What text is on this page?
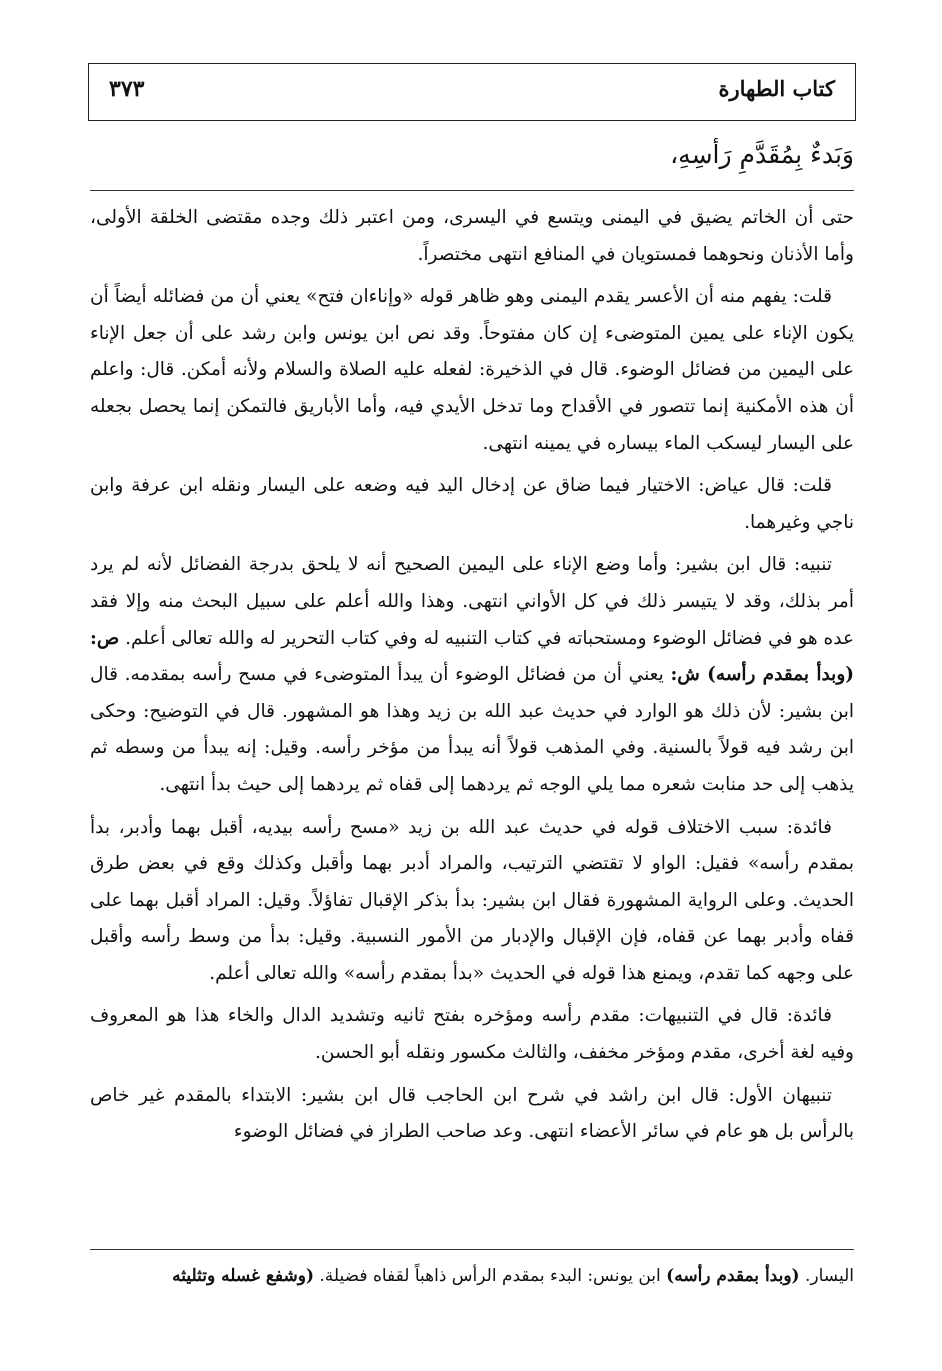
كتاب الطهارة
٣٧٣
وَبَدءٌ بِمُقَدَّمِ رَأسِهِ،

حتى أن الخاتم يضيق في اليمنى ويتسع في اليسرى، ومن اعتبر ذلك وجده مقتضى الخلقة الأولى، وأما الأذنان ونحوهما فمستويان في المنافع انتهى مختصراً.

قلت: يفهم منه أن الأعسر يقدم اليمنى وهو ظاهر قوله «وإناءان فتح» يعني أن من فضائله أيضاً أن يكون الإناء على يمين المتوضىء إن كان مفتوحاً. وقد نص ابن يونس وابن رشد على أن جعل الإناء على اليمين من فضائل الوضوء. قال في الذخيرة: لفعله عليه الصلاة والسلام ولأنه أمكن. قال: واعلم أن هذه الأمكنية إنما تتصور في الأقداح وما تدخل الأيدي فيه، وأما الأباريق فالتمكن إنما يحصل بجعله على اليسار ليسكب الماء بيساره في يمينه انتهى.

قلت: قال عياض: الاختيار فيما ضاق عن إدخال اليد فيه وضعه على اليسار ونقله ابن عرفة وابن ناجي وغيرهما.

تنبيه: قال ابن بشير: وأما وضع الإناء على اليمين الصحيح أنه لا يلحق بدرجة الفضائل لأنه لم يرد أمر بذلك، وقد لا يتيسر ذلك في كل الأواني انتهى. وهذا والله أعلم على سبيل البحث منه وإلا فقد عده هو في فضائل الوضوء ومستحباته في كتاب التنبيه له وفي كتاب التحرير له والله تعالى أعلم. ص: (وبدأ بمقدم رأسه) ش: يعني أن من فضائل الوضوء أن يبدأ المتوضىء في مسح رأسه بمقدمه. قال ابن بشير: لأن ذلك هو الوارد في حديث عبد الله بن زيد وهذا هو المشهور. قال في التوضيح: وحكى ابن رشد فيه قولاً بالسنية. وفي المذهب قولاً أنه يبدأ من مؤخر رأسه. وقيل: إنه يبدأ من وسطه ثم يذهب إلى حد منابت شعره مما يلي الوجه ثم يردهما إلى قفاه ثم يردهما إلى حيث بدأ انتهى.

فائدة: سبب الاختلاف قوله في حديث عبد الله بن زيد «مسح رأسه بيديه، أقبل بهما وأدبر، بدأ بمقدم رأسه» فقيل: الواو لا تقتضي الترتيب، والمراد أدبر بهما وأقبل وكذلك وقع في بعض طرق الحديث. وعلى الرواية المشهورة فقال ابن بشير: بدأ بذكر الإقبال تفاؤلاً. وقيل: المراد أقبل بهما على قفاه وأدبر بهما عن قفاه، فإن الإقبال والإدبار من الأمور النسبية. وقيل: بدأ من وسط رأسه وأقبل على وجهه كما تقدم، ويمنع هذا قوله في الحديث «بدأ بمقدم رأسه» والله تعالى أعلم.

فائدة: قال في التنبيهات: مقدم رأسه ومؤخره بفتح ثانيه وتشديد الدال والخاء هذا هو المعروف وفيه لغة أخرى، مقدم ومؤخر مخفف، والثالث مكسور ونقله أبو الحسن.

تنبيهان الأول: قال ابن راشد في شرح ابن الحاجب قال ابن بشير: الابتداء بالمقدم غير خاص بالرأس بل هو عام في سائر الأعضاء انتهى. وعد صاحب الطراز في فضائل الوضوء

اليسار. (وبدأ بمقدم رأسه) ابن يونس: البدء بمقدم الرأس ذاهباً لقفاه فضيلة. (وشفع غسله وتثليثه
